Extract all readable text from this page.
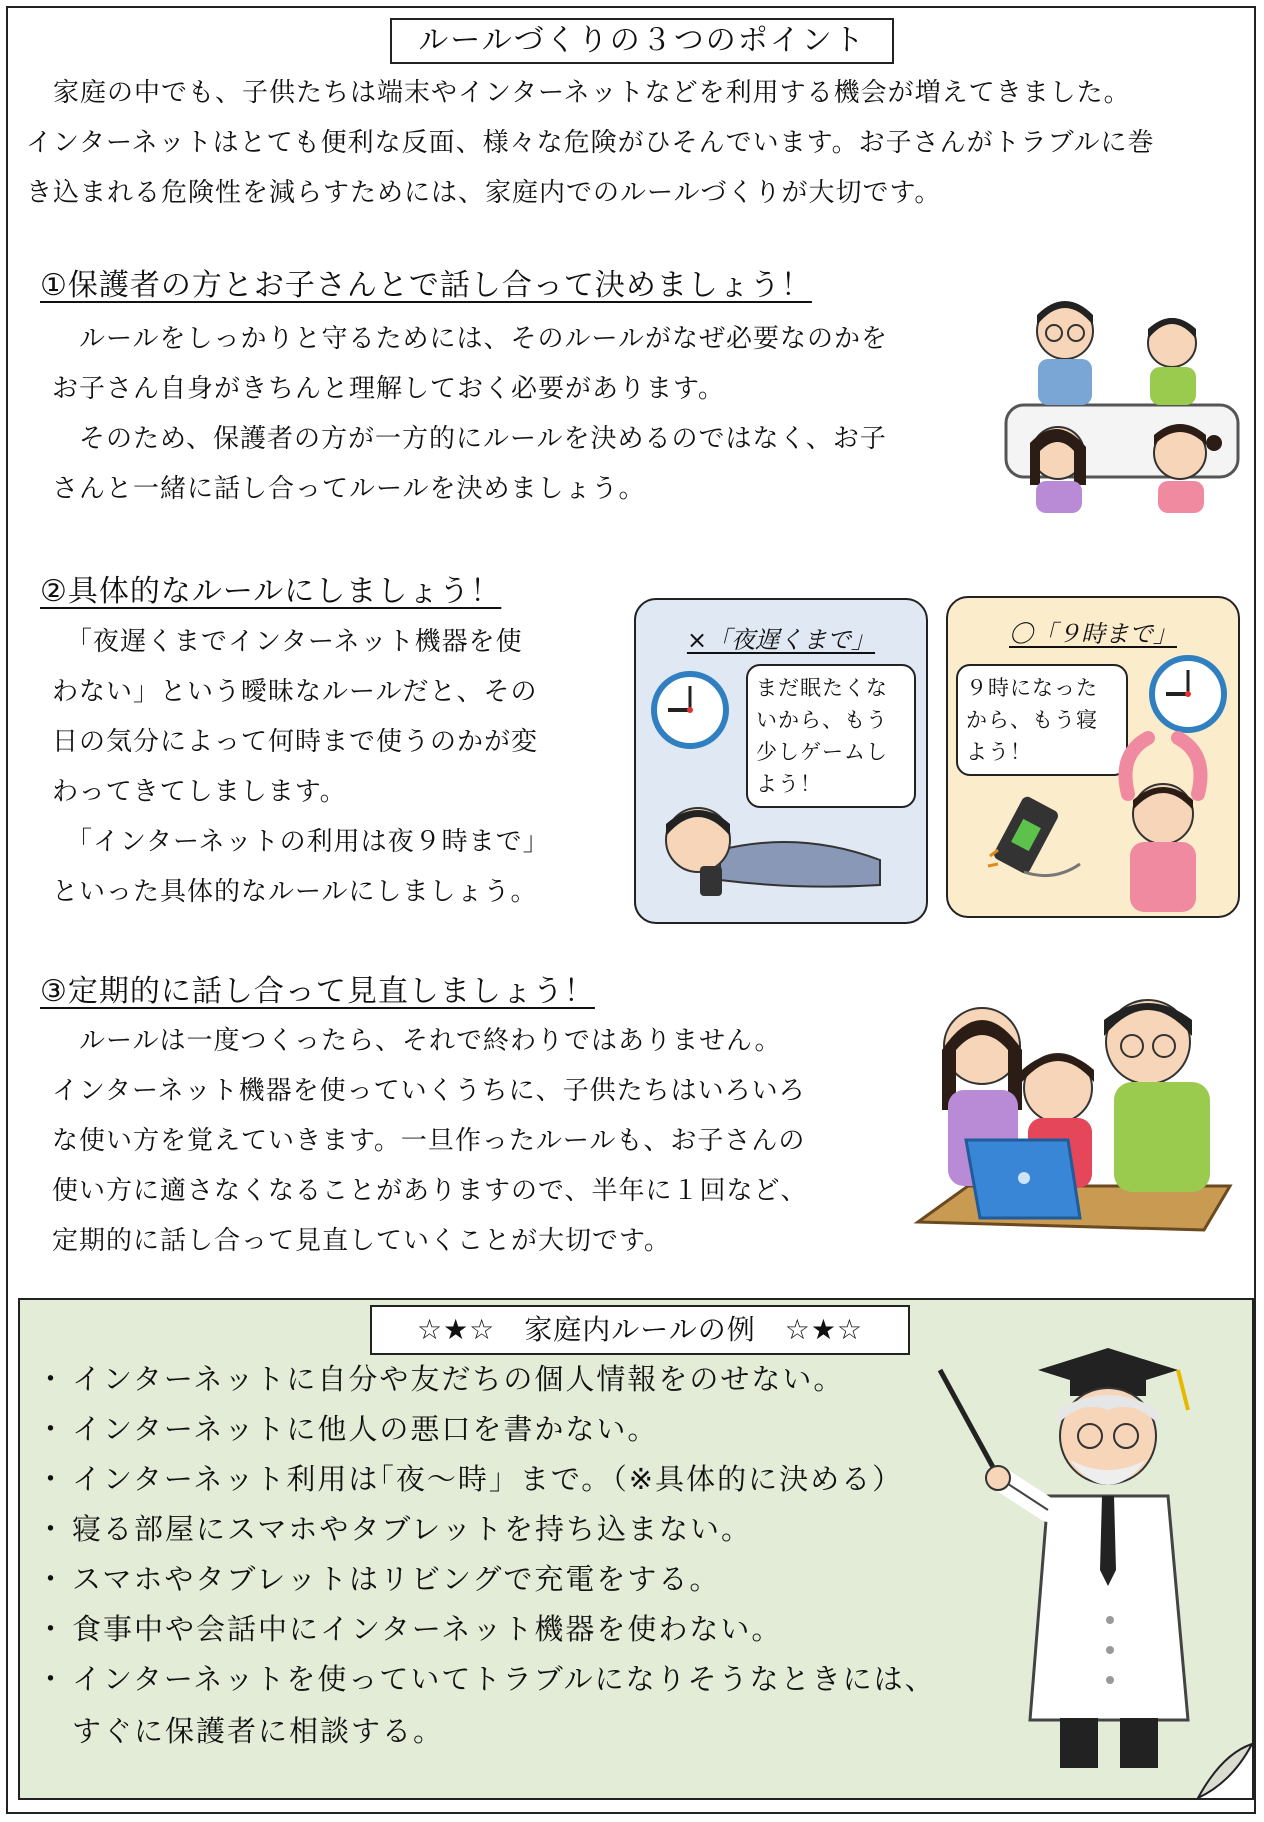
ルールづくりの３つのポイント

　家庭の中でも、子供たちは端末やインターネットなどを利用する機会が増えてきました。

インターネットはとても便利な反面、様々な危険がひそんでいます。お子さんがトラブルに巻

き込まれる危険性を減らすためには、家庭内でのルールづくりが大切です。

①保護者の方とお子さんとで話し合って決めましょう！

　ルールをしっかりと守るためには、そのルールがなぜ必要なのかを

お子さん自身がきちんと理解しておく必要があります。

　そのため、保護者の方が一方的にルールを決めるのではなく、お子

さんと一緒に話し合ってルールを決めましょう。

②具体的なルールにしましょう！

　「夜遅くまでインターネット機器を使

わない」という曖昧なルールだと、その

日の気分によって何時まで使うのかが変

わってきてしまします。

　「インターネットの利用は夜９時まで」

といった具体的なルールにしましょう。

×「夜遅くまで」
まだ眠たくな
いから、もう
少しゲームし
よう！
〇「９時まで」
９時になった
から、もう寝
よう！
③定期的に話し合って見直しましょう！

　ルールは一度つくったら、それで終わりではありません。

インターネット機器を使っていくうちに、子供たちはいろいろ

な使い方を覚えていきます。一旦作ったルールも、お子さんの

使い方に適さなくなることがありますので、半年に１回など、

定期的に話し合って見直していくことが大切です。

☆★☆　家庭内ルールの例　☆★☆
・ インターネットに自分や友だちの個人情報をのせない。
・ インターネットに他人の悪口を書かない。
・ インターネット利用は｢夜～時」まで。（※具体的に決める）
・ 寝る部屋にスマホやタブレットを持ち込まない。
・ スマホやタブレットはリビングで充電をする。
・ 食事中や会話中にインターネット機器を使わない。
・ インターネットを使っていてトラブルになりそうなときには、
すぐに保護者に相談する。
